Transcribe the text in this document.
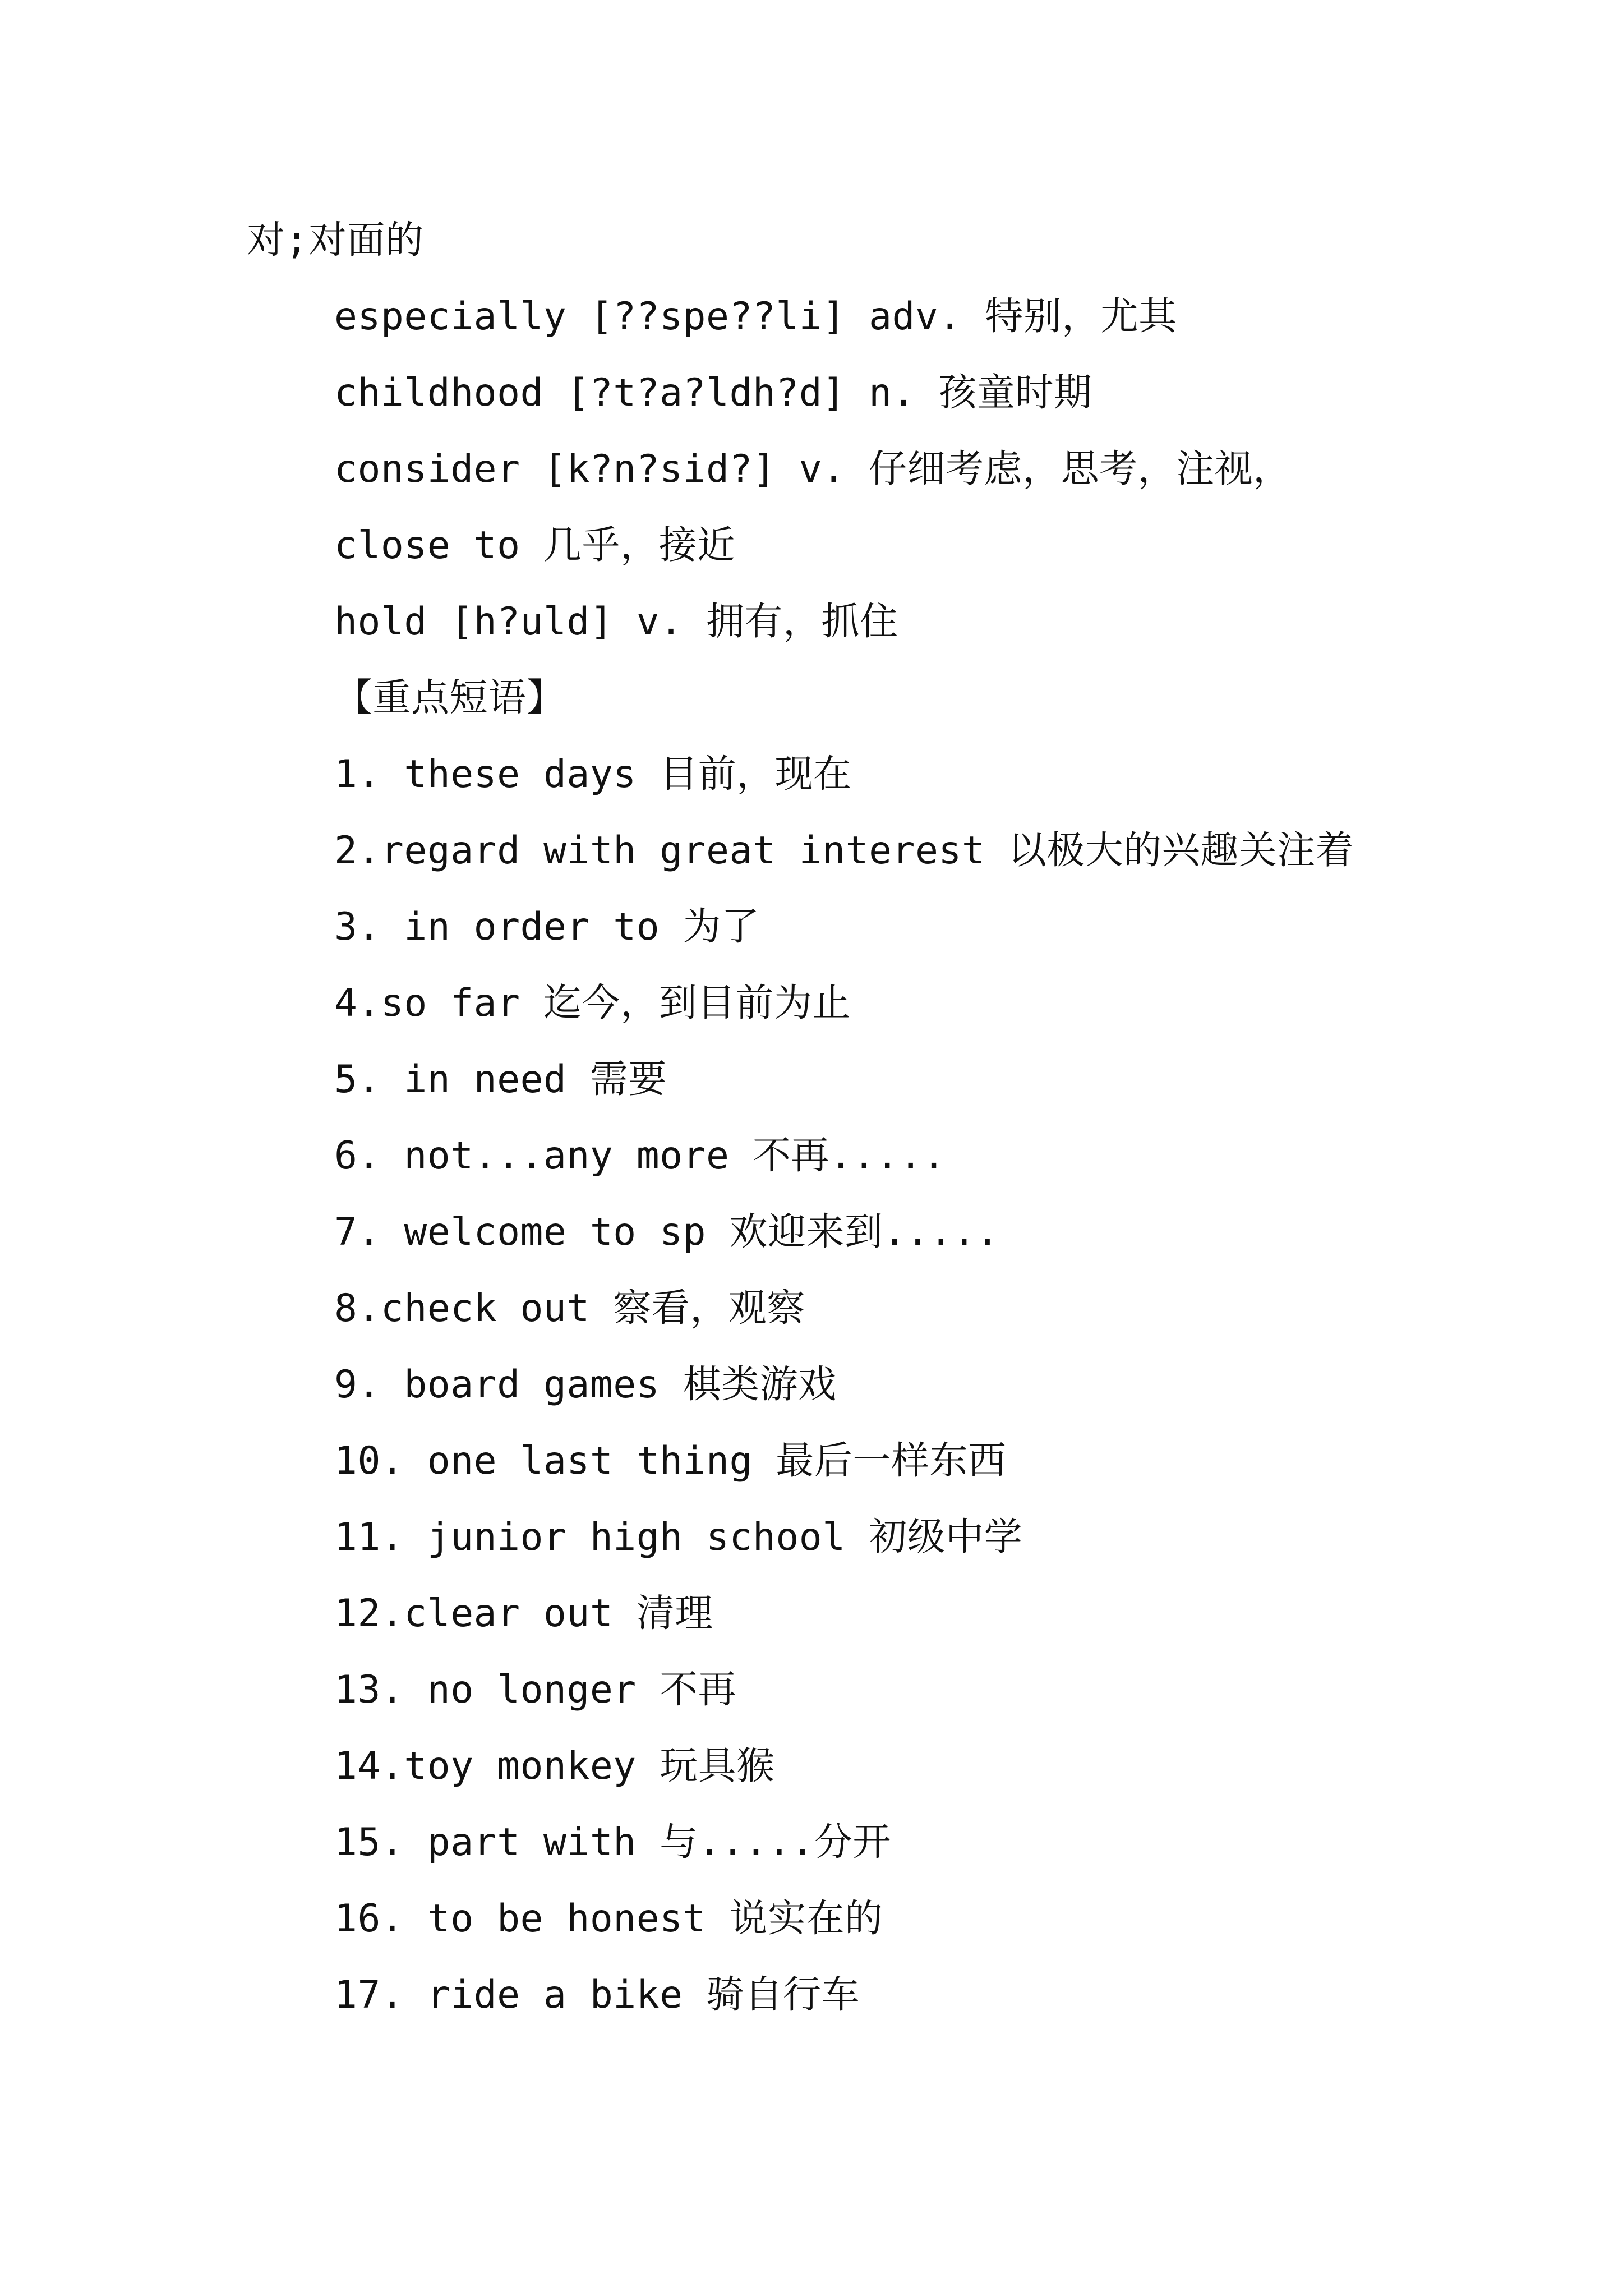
对;对面的
especially [??spe??li] adv. 特别，尤其
childhood [?t?a?ldh?d] n. 孩童时期
consider [k?n?sid?] v. 仔细考虑，思考，注视，
close to 几乎，接近
hold [h?uld] v. 拥有，抓住
【重点短语】
1. these days 目前，现在
2.regard with great interest 以极大的兴趣关注着
3. in order to 为了
4.so far 迄今，到目前为止
5. in need 需要
6. not...any more 不再.....
7. welcome to sp 欢迎来到.....
8.check out 察看，观察
9. board games 棋类游戏
10. one last thing 最后一样东西
11. junior high school 初级中学
12.clear out 清理
13. no longer 不再
14.toy monkey 玩具猴
15. part with 与.....分开
16. to be honest 说实在的
17. ride a bike 骑自行车
